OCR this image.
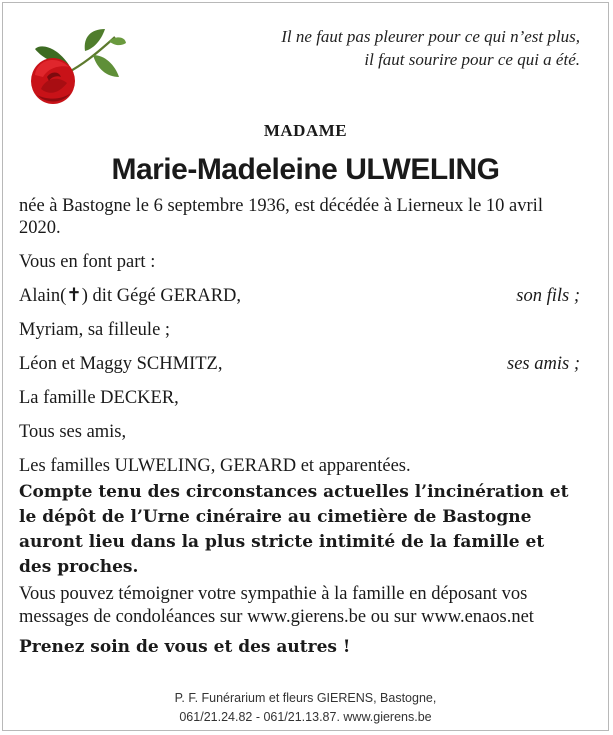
Il ne faut pas pleurer pour ce qui n’est plus,
il faut sourire pour ce qui a été.
MADAME
Marie-Madeleine ULWELING

née à Bastogne le 6 septembre 1936, est décédée à Lierneux le 10 avril 2020.

Vous en font part :

Alain(✝) dit Gégé GERARD,	son fils ;
Myriam, sa filleule ;
Léon et Maggy SCHMITZ,	ses amis ;
La famille DECKER,
Tous ses amis,
Les familles ULWELING, GERARD et apparentées.

Compte tenu des circonstances actuelles l’incinération et le dépôt de l’Urne cinéraire au cimetière de Bastogne auront lieu dans la plus stricte intimité de la famille et des proches.

Vous pouvez témoigner votre sympathie à la famille en déposant vos messages de condoléances sur www.gierens.be ou sur www.enaos.net

Prenez soin de vous et des autres !

P. F. Funérarium et fleurs GIERENS, Bastogne,
061/21.24.82 - 061/21.13.87. www.gierens.be
